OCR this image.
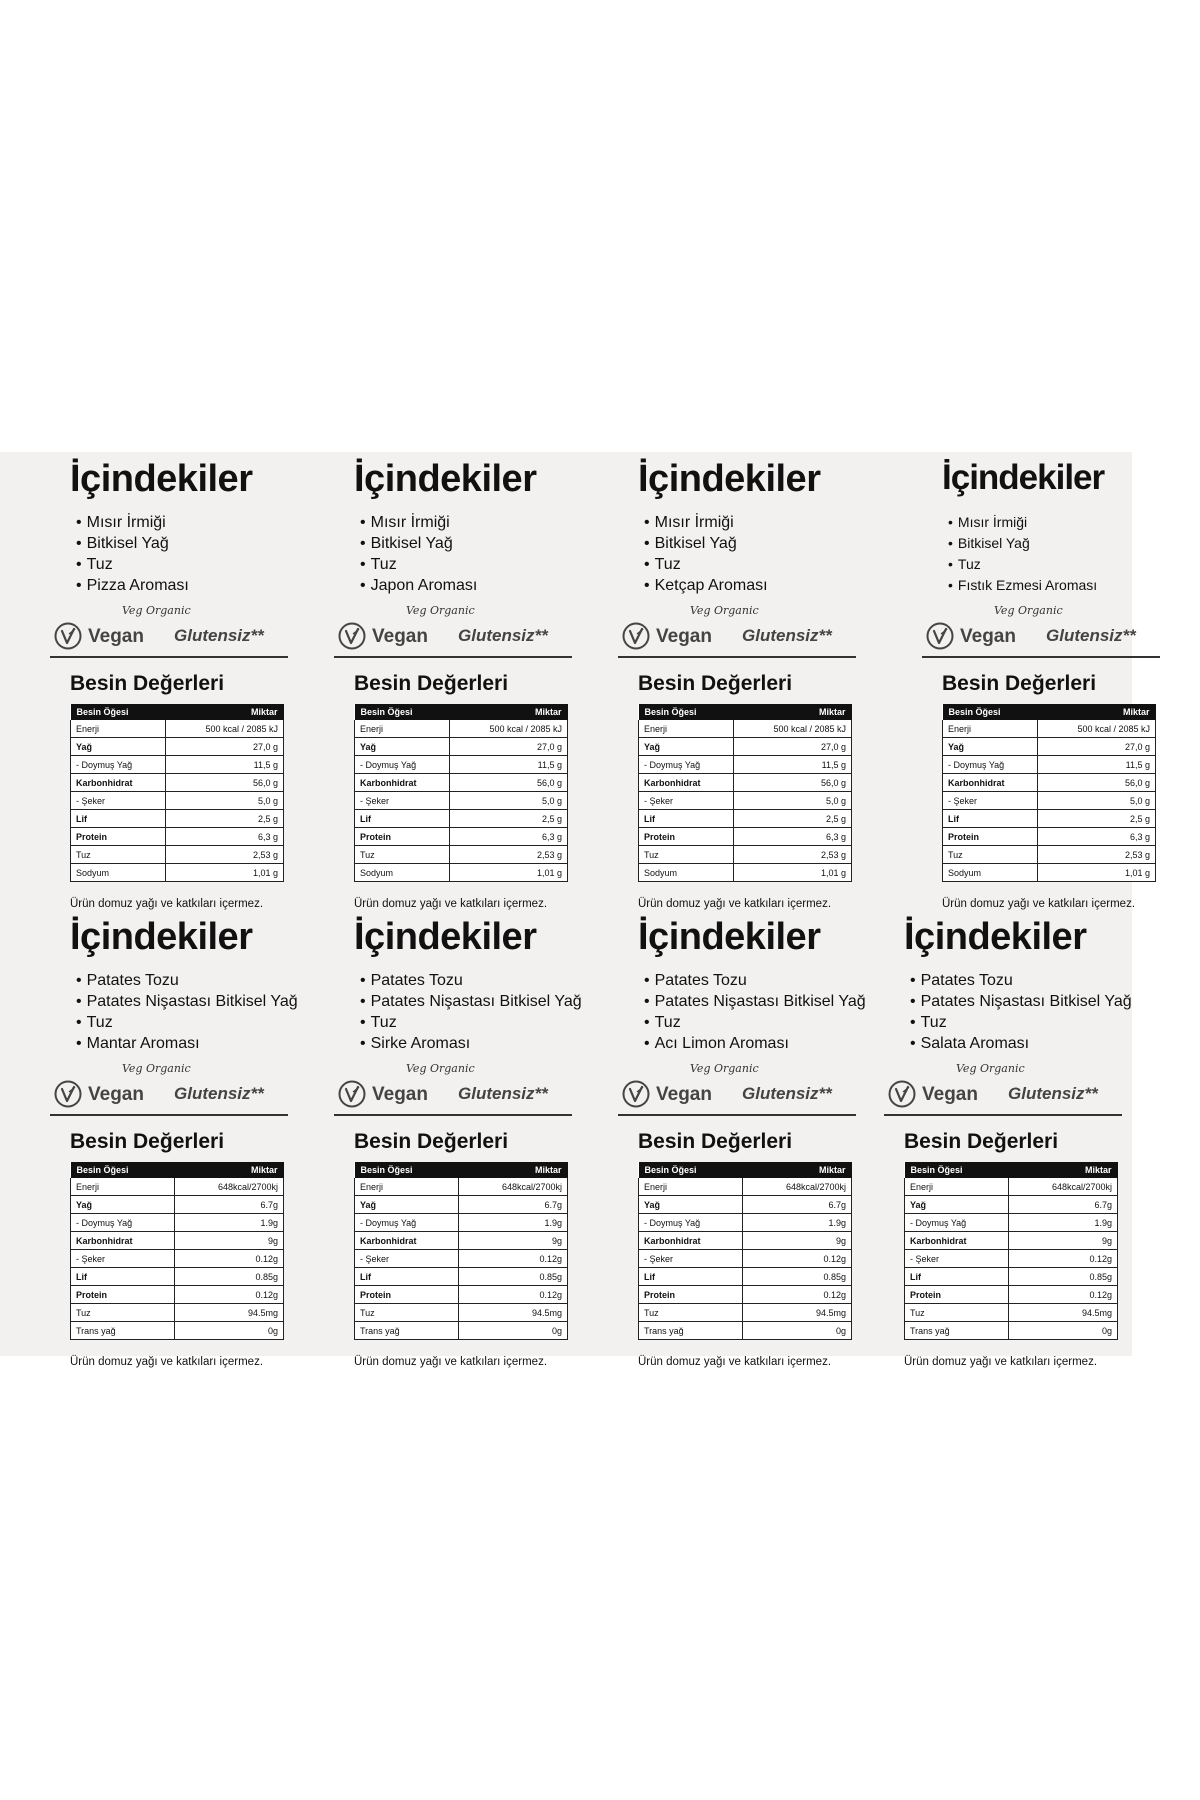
İçindekiler
• Mısır İrmiği
• Bitkisel Yağ
• Tuz
• Pizza Aroması
Veg Organic
Vegan Glutensiz**
Besin Değerleri
Besin Öğesi	Miktar
Enerji	500 kcal / 2085 kJ
Yağ	27,0 g
- Doymuş Yağ	11,5 g
Karbonhidrat	56,0 g
- Şeker	5,0 g
Lif	2,5 g
Protein	6,3 g
Tuz	2,53 g
Sodyum	1,01 g
Ürün domuz yağı ve katkıları içermez.
İçindekiler
• Mısır İrmiği
• Bitkisel Yağ
• Tuz
• Japon Aroması
Veg Organic
Vegan Glutensiz**
Besin Değerleri
Besin Öğesi	Miktar
Enerji	500 kcal / 2085 kJ
Yağ	27,0 g
- Doymuş Yağ	11,5 g
Karbonhidrat	56,0 g
- Şeker	5,0 g
Lif	2,5 g
Protein	6,3 g
Tuz	2,53 g
Sodyum	1,01 g
Ürün domuz yağı ve katkıları içermez.
İçindekiler
• Mısır İrmiği
• Bitkisel Yağ
• Tuz
• Ketçap Aroması
Veg Organic
Vegan Glutensiz**
Besin Değerleri
Besin Öğesi	Miktar
Enerji	500 kcal / 2085 kJ
Yağ	27,0 g
- Doymuş Yağ	11,5 g
Karbonhidrat	56,0 g
- Şeker	5,0 g
Lif	2,5 g
Protein	6,3 g
Tuz	2,53 g
Sodyum	1,01 g
Ürün domuz yağı ve katkıları içermez.
İçindekiler
• Mısır İrmiği
• Bitkisel Yağ
• Tuz
• Fıstık Ezmesi Aroması
Veg Organic
Vegan Glutensiz**
Besin Değerleri
Besin Öğesi	Miktar
Enerji	500 kcal / 2085 kJ
Yağ	27,0 g
- Doymuş Yağ	11,5 g
Karbonhidrat	56,0 g
- Şeker	5,0 g
Lif	2,5 g
Protein	6,3 g
Tuz	2,53 g
Sodyum	1,01 g
Ürün domuz yağı ve katkıları içermez.
İçindekiler
• Patates Tozu
• Patates Nişastası Bitkisel Yağ
• Tuz
• Mantar Aroması
Veg Organic
Vegan Glutensiz**
Besin Değerleri
Besin Öğesi	Miktar
Enerji	648kcal/2700kj
Yağ	6.7g
- Doymuş Yağ	1.9g
Karbonhidrat	9g
- Şeker	0.12g
Lif	0.85g
Protein	0.12g
Tuz	94.5mg
Trans yağ	0g
Ürün domuz yağı ve katkıları içermez.
İçindekiler
• Patates Tozu
• Patates Nişastası Bitkisel Yağ
• Tuz
• Sirke Aroması
Veg Organic
Vegan Glutensiz**
Besin Değerleri
Besin Öğesi	Miktar
Enerji	648kcal/2700kj
Yağ	6.7g
- Doymuş Yağ	1.9g
Karbonhidrat	9g
- Şeker	0.12g
Lif	0.85g
Protein	0.12g
Tuz	94.5mg
Trans yağ	0g
Ürün domuz yağı ve katkıları içermez.
İçindekiler
• Patates Tozu
• Patates Nişastası Bitkisel Yağ
• Tuz
• Acı Limon Aroması
Veg Organic
Vegan Glutensiz**
Besin Değerleri
Besin Öğesi	Miktar
Enerji	648kcal/2700kj
Yağ	6.7g
- Doymuş Yağ	1.9g
Karbonhidrat	9g
- Şeker	0.12g
Lif	0.85g
Protein	0.12g
Tuz	94.5mg
Trans yağ	0g
Ürün domuz yağı ve katkıları içermez.
İçindekiler
• Patates Tozu
• Patates Nişastası Bitkisel Yağ
• Tuz
• Salata Aroması
Veg Organic
Vegan Glutensiz**
Besin Değerleri
Besin Öğesi	Miktar
Enerji	648kcal/2700kj
Yağ	6.7g
- Doymuş Yağ	1.9g
Karbonhidrat	9g
- Şeker	0.12g
Lif	0.85g
Protein	0.12g
Tuz	94.5mg
Trans yağ	0g
Ürün domuz yağı ve katkıları içermez.
